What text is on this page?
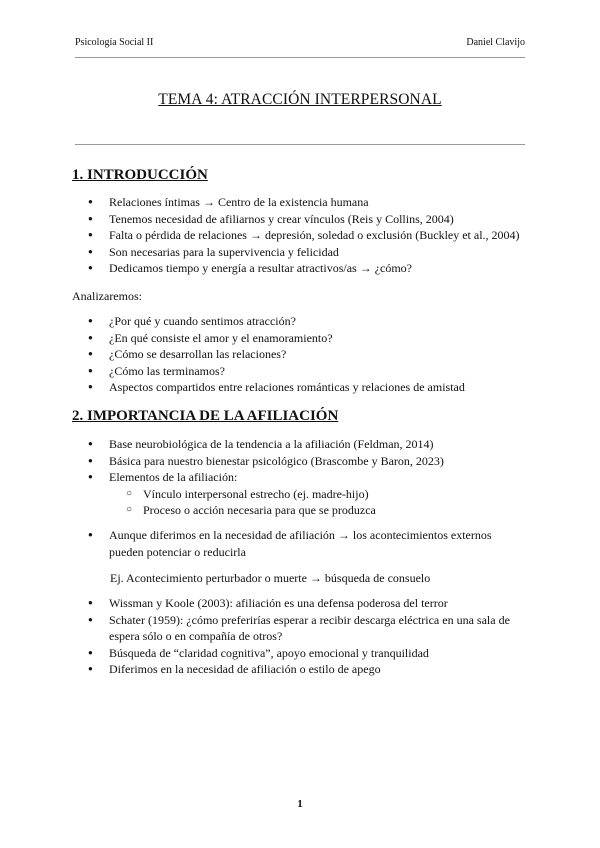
Psicología Social II	Daniel Clavijo
TEMA 4: ATRACCIÓN INTERPERSONAL
1. INTRODUCCIÓN
● Relaciones íntimas → Centro de la existencia humana
● Tenemos necesidad de afiliarnos y crear vínculos (Reis y Collins, 2004)
● Falta o pérdida de relaciones → depresión, soledad o exclusión (Buckley et al., 2004)
● Son necesarias para la supervivencia y felicidad
● Dedicamos tiempo y energía a resultar atractivos/as → ¿cómo?
Analizaremos:
● ¿Por qué y cuando sentimos atracción?
● ¿En qué consiste el amor y el enamoramiento?
● ¿Cómo se desarrollan las relaciones?
● ¿Cómo las terminamos?
● Aspectos compartidos entre relaciones románticas y relaciones de amistad
2. IMPORTANCIA DE LA AFILIACIÓN
● Base neurobiológica de la tendencia a la afiliación (Feldman, 2014)
● Básica para nuestro bienestar psicológico (Brascombe y Baron, 2023)
● Elementos de la afiliación:
○ Vínculo interpersonal estrecho (ej. madre-hijo)
○ Proceso o acción necesaria para que se produzca
● Aunque diferimos en la necesidad de afiliación → los acontecimientos externos pueden potenciar o reducirla
Ej. Acontecimiento perturbador o muerte → búsqueda de consuelo
● Wissman y Koole (2003): afiliación es una defensa poderosa del terror
● Schater (1959): ¿cómo preferirías esperar a recibir descarga eléctrica en una sala de espera sólo o en compañía de otros?
● Búsqueda de “claridad cognitiva”, apoyo emocional y tranquilidad
● Diferimos en la necesidad de afiliación o estilo de apego
1
